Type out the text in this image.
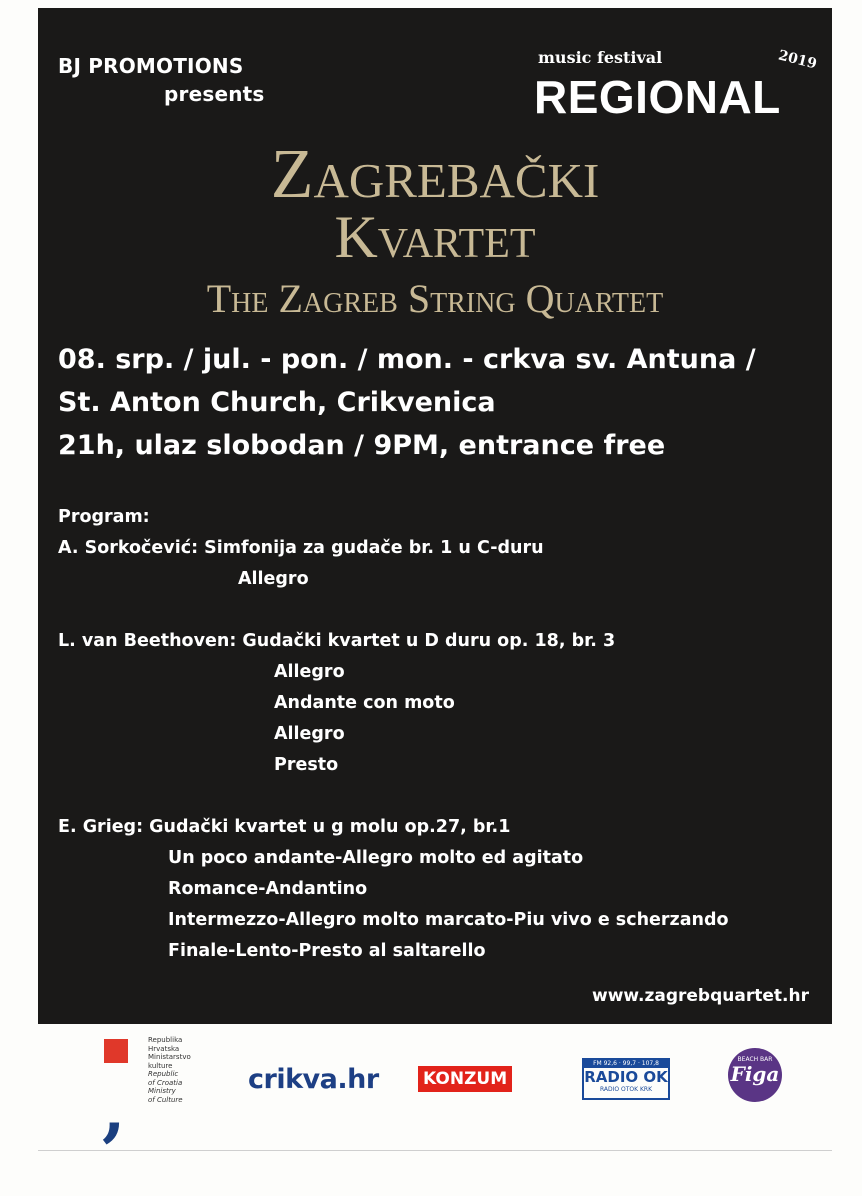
BJ PROMOTIONS
presents
music festival
REGIONAL
2019
Zagrebački
Kvartet
The Zagreb String Quartet
08. srp. / jul. - pon. / mon. - crkva sv. Antuna /
St. Anton Church, Crikvenica
21h, ulaz slobodan / 9PM, entrance free
Program:
A. Sorkočević: Simfonija za gudače br. 1 u C-duru
Allegro
L. van Beethoven: Gudački kvartet u D duru op. 18, br. 3
Allegro
Andante con moto
Allegro
Presto
E. Grieg: Gudački kvartet u g molu op.27, br.1
Un poco andante-Allegro molto ed agitato
Romance-Andantino
Intermezzo-Allegro molto marcato-Piu vivo e scherzando
Finale-Lento-Presto al saltarello
www.zagrebquartet.hr
,
Republika
Hrvatska
Ministarstvo
kulture
Republic
of Croatia
Ministry
of Culture
crikva.hr	KONZUM
FM 92,6 · 99,7 · 107,8
RADIO OK
RADIO OTOK KRK
BEACH BAR
Figa
